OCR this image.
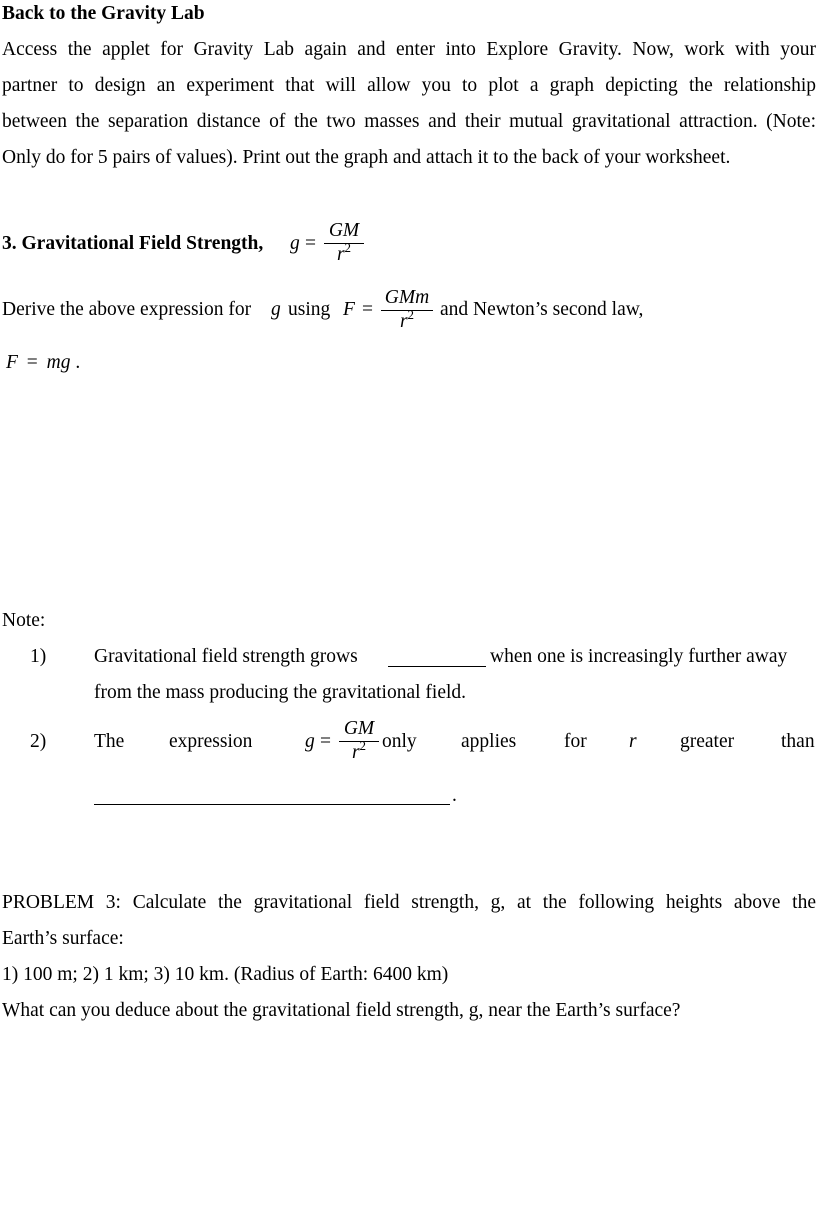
Back to the Gravity Lab
Access the applet for Gravity Lab again and enter into Explore Gravity. Now, work with your
partner to design an experiment that will allow you to plot a graph depicting the relationship
between the separation distance of the two masses and their mutual gravitational attraction. (Note:
Only do for 5 pairs of values). Print out the graph and attach it to the back of your worksheet.
3. Gravitational Field Strength, g =
GM
$r^2$
Derive the above expression for g using F =
GMm
$r^2$	and Newton’s second law,
F = mg .
Note:
1) Gravitational field strength grows	when one is increasingly further away
from the mass producing the gravitational field.
2) The expression	g =
GM
$r^2$ only applies for r greater than
.
PROBLEM 3: Calculate the gravitational field strength, g, at the following heights above the
Earth’s surface:
1) 100 m; 2) 1 km; 3) 10 km. (Radius of Earth: 6400 km)
What can you deduce about the gravitational field strength, g, near the Earth’s surface?
